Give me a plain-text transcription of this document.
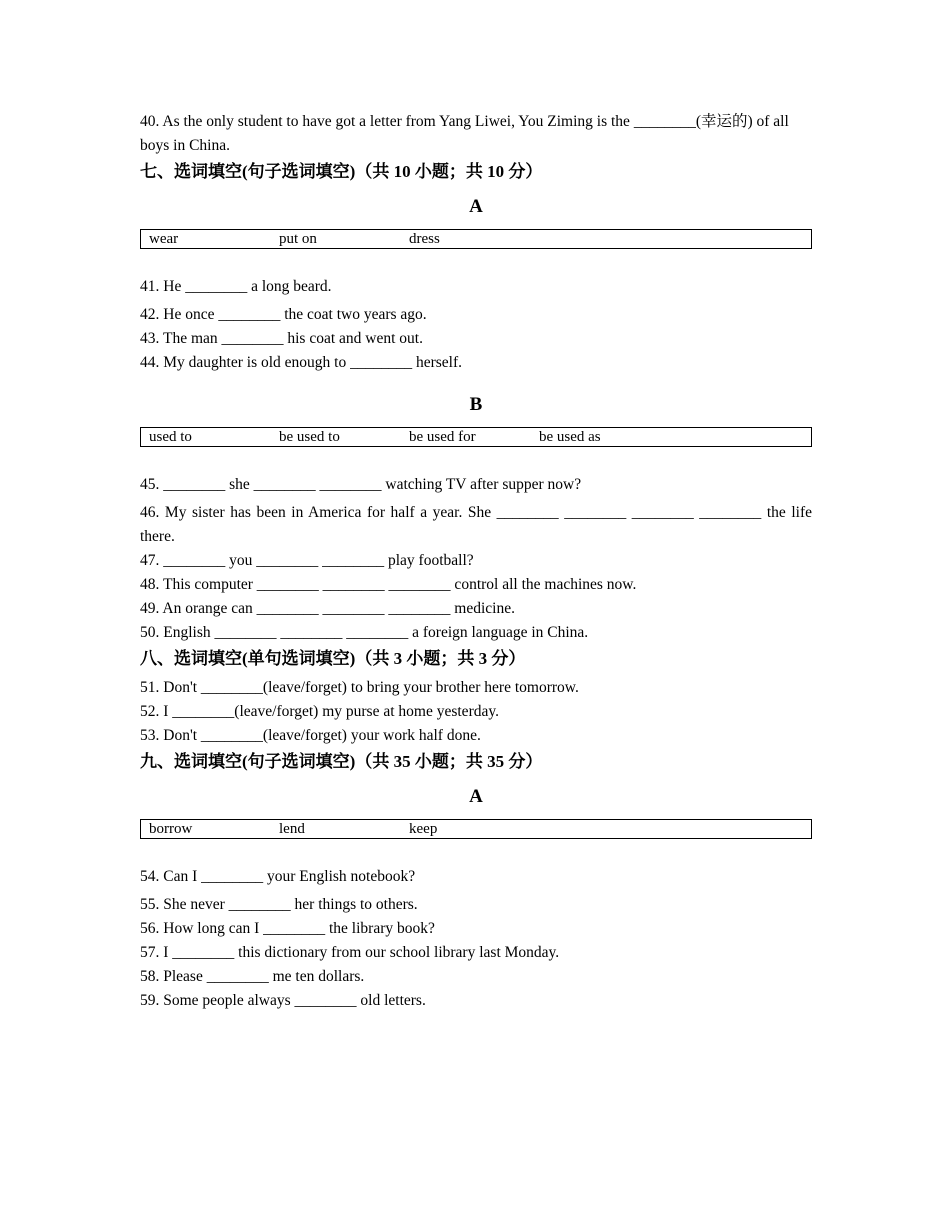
40. As the only student to have got a letter from Yang Liwei, You Ziming is the ________(幸运的) of all boys in China.

七、选词填空(句子选词填空)（共 10 小题；共 10 分）

A
wear	put on	dress

41. He ________ a long beard.

42. He once ________ the coat two years ago.

43. The man ________ his coat and went out.

44. My daughter is old enough to ________ herself.

B
used to	be used to	be used for	be used as

45. ________ she ________ ________ watching TV after supper now?

46. My sister has been in America for half a year. She ________ ________ ________ ________ the life there.

47. ________ you ________ ________ play football?

48. This computer ________ ________ ________ control all the machines now.

49. An orange can ________ ________ ________ medicine.

50. English ________ ________ ________ a foreign language in China.

八、选词填空(单句选词填空)（共 3 小题；共 3 分）

51. Don't ________(leave/forget) to bring your brother here tomorrow.

52. I ________(leave/forget) my purse at home yesterday.

53. Don't ________(leave/forget) your work half done.

九、选词填空(句子选词填空)（共 35 小题；共 35 分）

A
borrow	lend	keep

54. Can I ________ your English notebook?

55. She never ________ her things to others.

56. How long can I ________ the library book?

57. I ________ this dictionary from our school library last Monday.

58. Please ________ me ten dollars.

59. Some people always ________ old letters.
